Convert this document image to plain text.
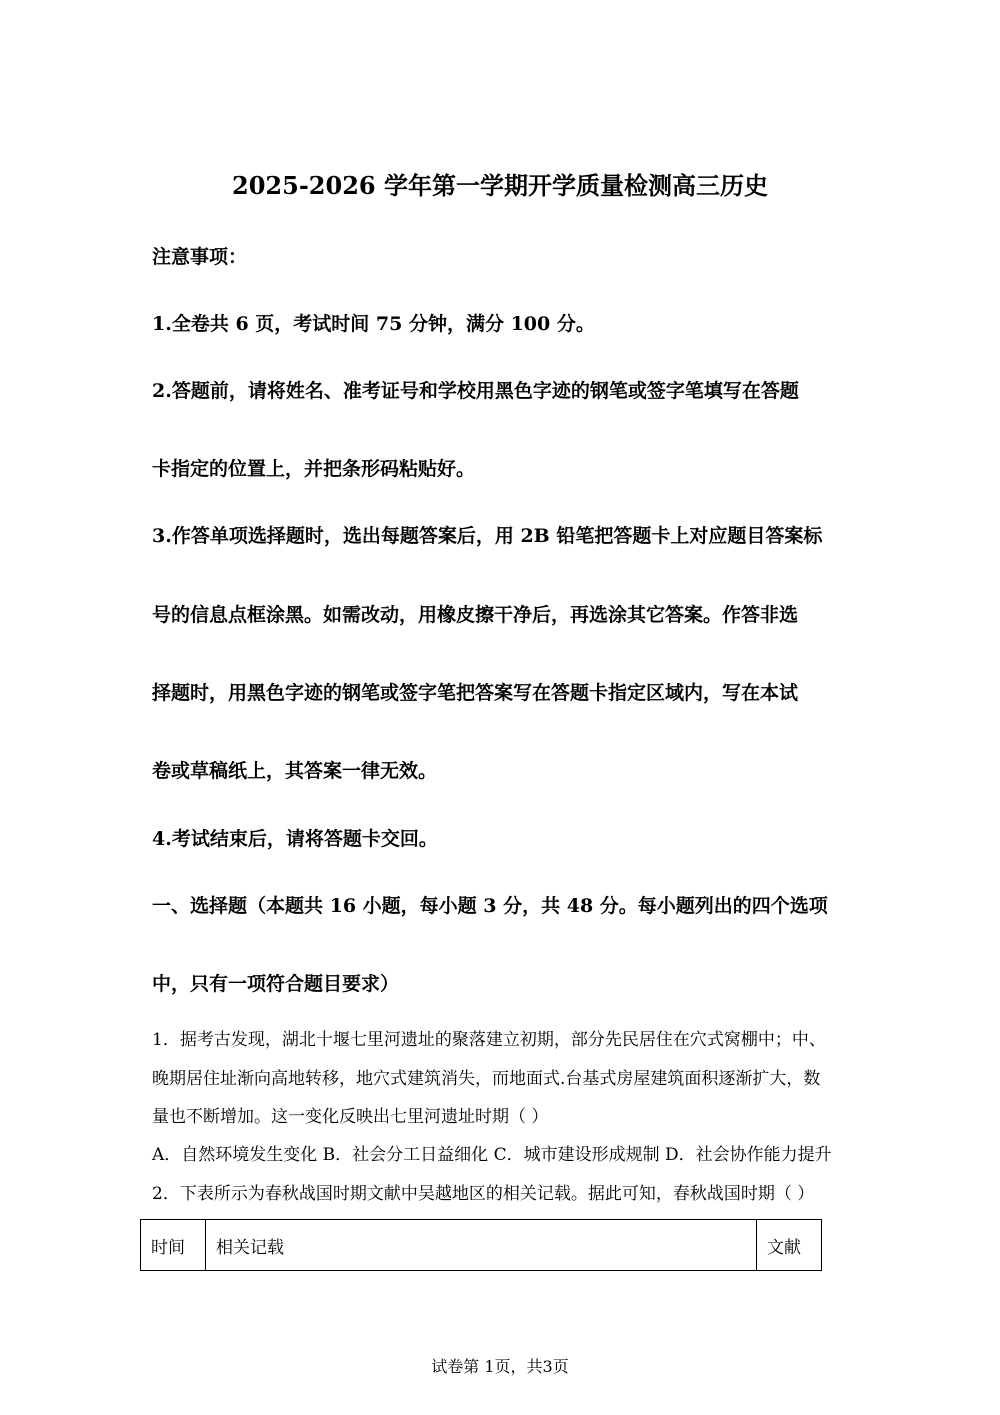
2025-2026 学年第一学期开学质量检测高三历史
注意事项：
1.全卷共 6 页，考试时间 75 分钟，满分 100 分。
2.答题前，请将姓名、准考证号和学校用黑色字迹的钢笔或签字笔填写在答题
卡指定的位置上，并把条形码粘贴好。
3.作答单项选择题时，选出每题答案后，用 2B 铅笔把答题卡上对应题目答案标
号的信息点框涂黑。如需改动，用橡皮擦干净后，再选涂其它答案。作答非选
择题时，用黑色字迹的钢笔或签字笔把答案写在答题卡指定区域内，写在本试
卷或草稿纸上，其答案一律无效。
4.考试结束后，请将答题卡交回。
一、选择题（本题共 16 小题，每小题 3 分，共 48 分。每小题列出的四个选项
中，只有一项符合题目要求）
1．据考古发现，湖北十堰七里河遗址的聚落建立初期，部分先民居住在穴式窝棚中；中、
晚期居住址渐向高地转移，地穴式建筑消失，而地面式.台基式房屋建筑面积逐渐扩大，数
量也不断增加。这一变化反映出七里河遗址时期（ ）
A．自然环境发生变化 B．社会分工日益细化 C．城市建设形成规制 D．社会协作能力提升
2．下表所示为春秋战国时期文献中吴越地区的相关记载。据此可知，春秋战国时期（ ）
时间	相关记载	文献
试卷第 1页，共3页
